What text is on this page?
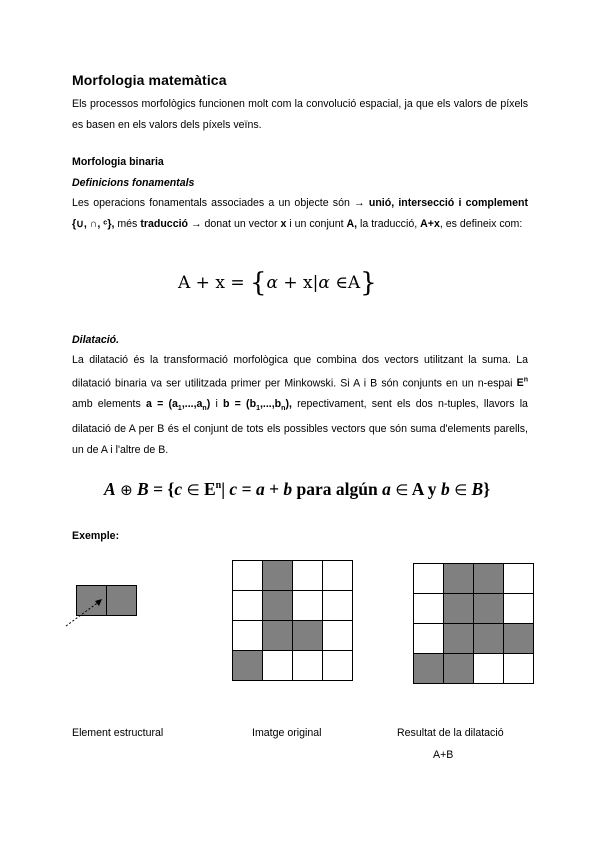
Morfologia matemàtica
Els processos morfològics funcionen molt com la convolució espacial, ja que els valors de píxels es basen en els valors dels píxels veïns.
Morfologia binaria
Definicions fonamentals
Les operacions fonamentals associades a un objecte són → unió, intersecció i complement {∪, ∩, ᶜ}, més traducció → donat un vector x i un conjunt A, la traducció, A+x, es defineix com:
A + x = {α + x|α ∈A}
Dilatació.
La dilatació és la transformació morfològica que combina dos vectors utilitzant la suma. La dilatació binaria va ser utilitzada primer per Minkowski. Si A i B són conjunts en un n-espai $E^n$ amb elements $a = (a_1,...,a_n)$ i $b = (b_1,...,b_n)$, repectivament, sent els dos n-tuples, llavors la dilatació de A per B és el conjunt de tots els possibles vectors que són suma d'elements parells, un de A i l'altre de B.
A ⊕ B = {c ∈ $E^n|$ c = a + b para algún a ∈ A y b ∈ B}
Exemple:

Element estructural	Imatge original	Resultat de la dilatació
A+B
